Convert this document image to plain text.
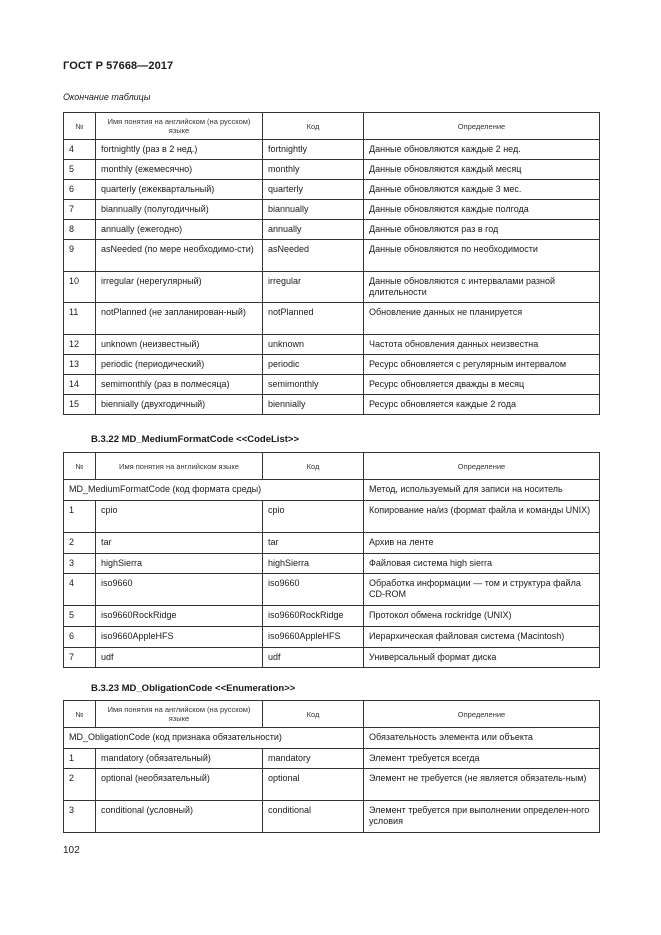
ГОСТ Р 57668—2017
Окончание таблицы
№	Имя понятия на английском (на русском) языке	Код	Определение
4	fortnightly (раз в 2 нед.)	fortnightly	Данные обновляются каждые 2 нед.
5	monthly (ежемесячно)	monthly	Данные обновляются каждый месяц
6	quarterly (ежеквартальный)	quarterly	Данные обновляются каждые 3 мес.
7	biannually (полугодичный)	biannually	Данные обновляются каждые полгода
8	annually (ежегодно)	annually	Данные обновляются раз в год
9	asNeeded (по мере необходимо-сти)	asNeeded	Данные обновляются по необходимости
10	irregular (нерегулярный)	irregular	Данные обновляются с интервалами разной длительности
11	notPlanned (не запланирован-ный)	notPlanned	Обновление данных не планируется
12	unknown (неизвестный)	unknown	Частота обновления данных неизвестна
13	periodic (периодический)	periodic	Ресурс обновляется с регулярным интервалом
14	semimonthly (раз в полмесяца)	semimonthly	Ресурс обновляется дважды в месяц
15	biennially (двухгодичный)	biennially	Ресурс обновляется каждые 2 года
B.3.22 MD_MediumFormatCode <<CodeList>>
№	Имя понятия на английском языке	Код	Определение
MD_MediumFormatCode (код формата среды)			Метод, используемый для записи на носитель
1	cpio	cpio	Копирование на/из (формат файла и команды UNIX)
2	tar	tar	Архив на ленте
3	highSierra	highSierra	Файловая система high sierra
4	iso9660	iso9660	Обработка информации — том и структура файла CD-ROM
5	iso9660RockRidge	iso9660RockRidge	Протокол обмена rockridge (UNIX)
6	iso9660AppleHFS	iso9660AppleHFS	Иерархическая файловая система (Macintosh)
7	udf	udf	Универсальный формат диска
B.3.23 MD_ObligationCode <<Enumeration>>
№	Имя понятия на английском (на русском) языке	Код	Определение
MD_ObligationCode (код признака обязательности)			Обязательность элемента или объекта
1	mandatory (обязательный)	mandatory	Элемент требуется всегда
2	optional (необязательный)	optional	Элемент не требуется (не является обязатель-ным)
3	conditional (условный)	conditional	Элемент требуется при выполнении определен-ного условия
102
